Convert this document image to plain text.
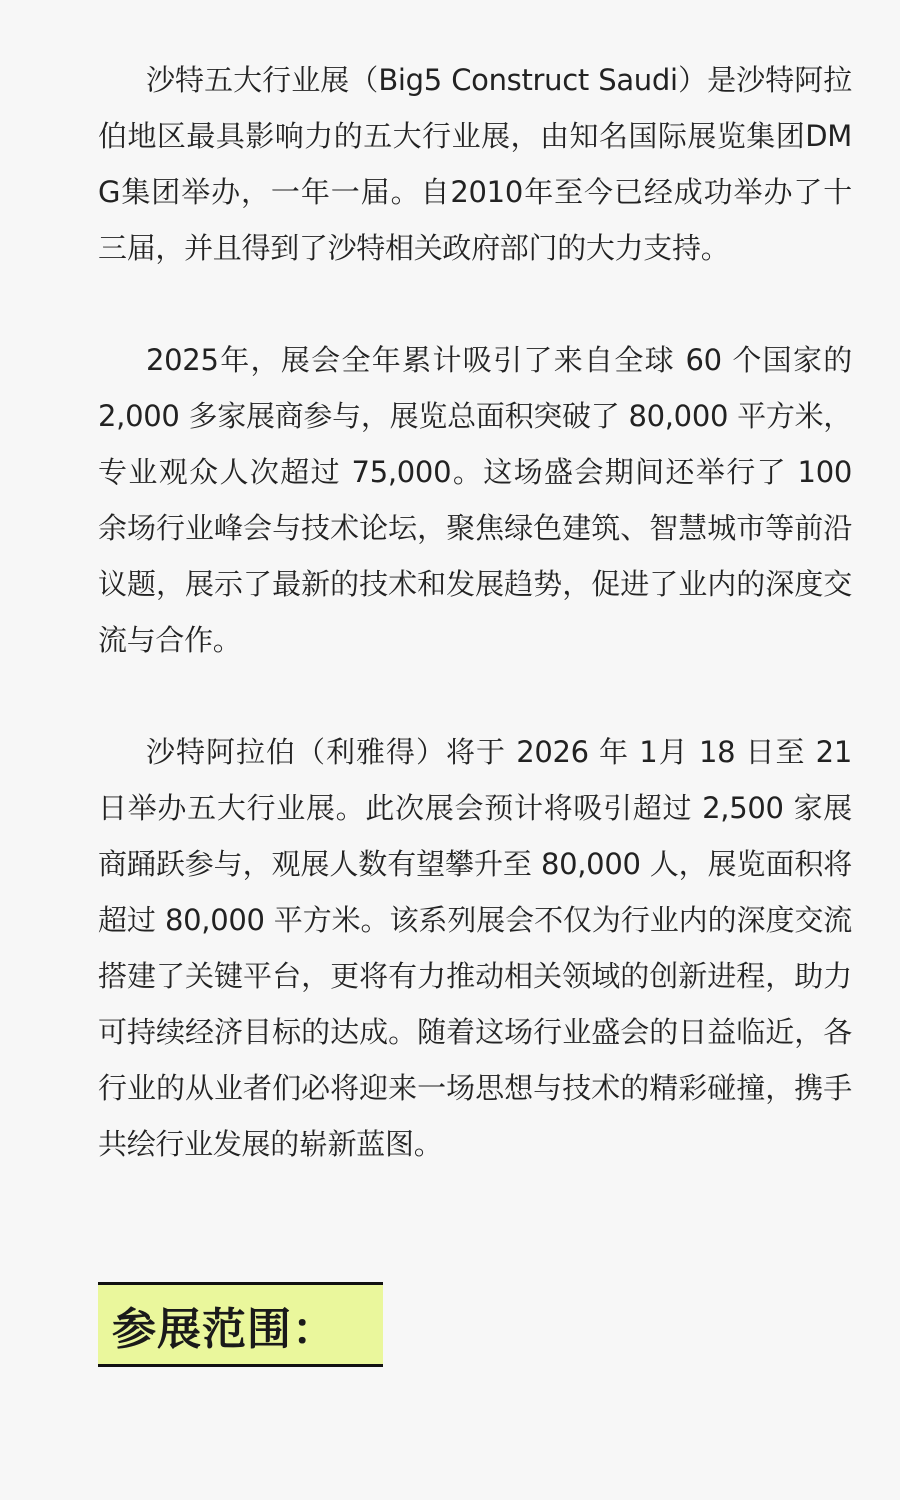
沙特五大行业展（Big5 Construct Saudi）是沙特阿拉伯地区最具影响力的五大行业展，由知名国际展览集团DMG集团举办，一年一届。自2010年至今已经成功举办了十三届，并且得到了沙特相关政府部门的大力支持。

2025年，展会全年累计吸引了来自全球 60 个国家的 2,000 多家展商参与，展览总面积突破了 80,000 平方米，专业观众人次超过 75,000。这场盛会期间还举行了 100 余场行业峰会与技术论坛，聚焦绿色建筑、智慧城市等前沿议题，展示了最新的技术和发展趋势，促进了业内的深度交流与合作。

沙特阿拉伯（利雅得）将于 2026 年 1月 18 日至 21 日举办五大行业展。此次展会预计将吸引超过 2,500 家展商踊跃参与，观展人数有望攀升至 80,000 人，展览面积将超过 80,000 平方米。该系列展会不仅为行业内的深度交流搭建了关键平台，更将有力推动相关领域的创新进程，助力可持续经济目标的达成。随着这场行业盛会的日益临近，各行业的从业者们必将迎来一场思想与技术的精彩碰撞，携手共绘行业发展的崭新蓝图。

参展范围：
